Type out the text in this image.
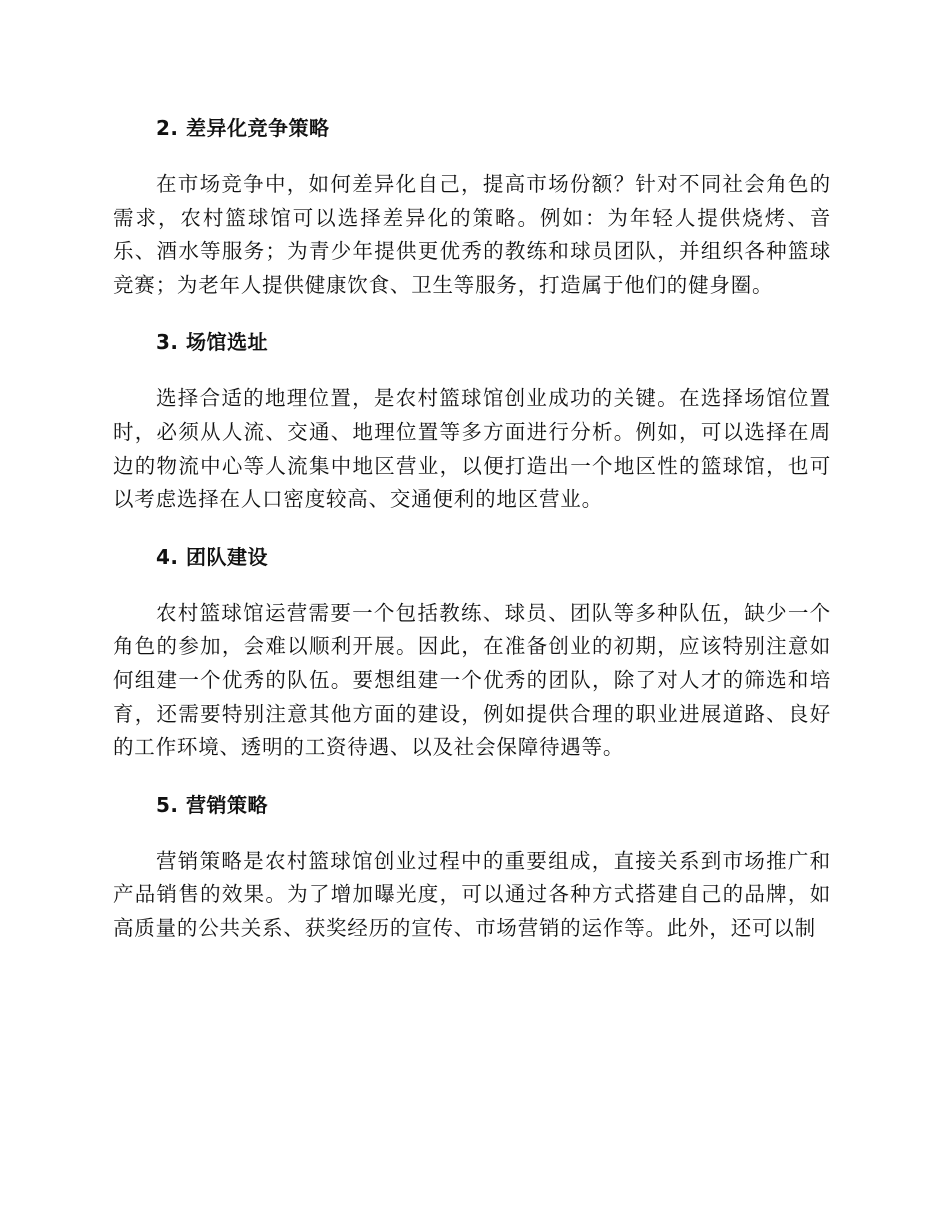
2. 差异化竞争策略

在市场竞争中，如何差异化自己，提高市场份额？针对不同社会角色的需求，农村篮球馆可以选择差异化的策略。例如：为年轻人提供烧烤、音乐、酒水等服务；为青少年提供更优秀的教练和球员团队，并组织各种篮球竞赛；为老年人提供健康饮食、卫生等服务，打造属于他们的健身圈。

3. 场馆选址

选择合适的地理位置，是农村篮球馆创业成功的关键。在选择场馆位置时，必须从人流、交通、地理位置等多方面进行分析。例如，可以选择在周边的物流中心等人流集中地区营业，以便打造出一个地区性的篮球馆，也可以考虑选择在人口密度较高、交通便利的地区营业。

4. 团队建设

农村篮球馆运营需要一个包括教练、球员、团队等多种队伍，缺少一个角色的参加，会难以顺利开展。因此，在准备创业的初期，应该特别注意如何组建一个优秀的队伍。要想组建一个优秀的团队，除了对人才的筛选和培育，还需要特别注意其他方面的建设，例如提供合理的职业进展道路、良好的工作环境、透明的工资待遇、以及社会保障待遇等。

5. 营销策略

营销策略是农村篮球馆创业过程中的重要组成，直接关系到市场推广和产品销售的效果。为了增加曝光度，可以通过各种方式搭建自己的品牌，如高质量的公共关系、获奖经历的宣传、市场营销的运作等。此外，还可以制
